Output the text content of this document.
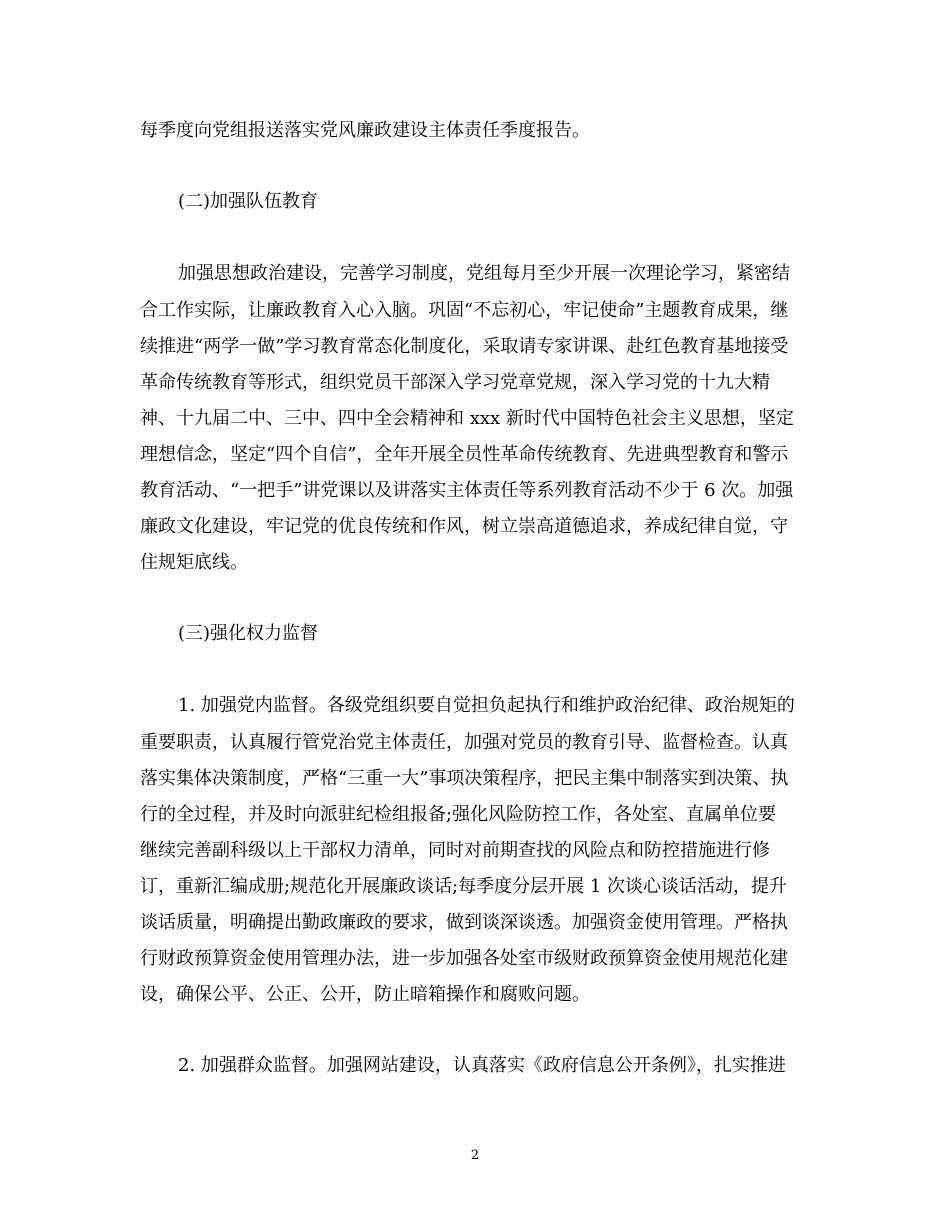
每季度向党组报送落实党风廉政建设主体责任季度报告。
(二)加强队伍教育
加强思想政治建设，完善学习制度，党组每月至少开展一次理论学习，紧密结
合工作实际，让廉政教育入心入脑。巩固“不忘初心，牢记使命”主题教育成果，继
续推进“两学一做”学习教育常态化制度化，采取请专家讲课、赴红色教育基地接受
革命传统教育等形式，组织党员干部深入学习党章党规，深入学习党的十九大精
神、十九届二中、三中、四中全会精神和 xxx 新时代中国特色社会主义思想，坚定
理想信念，坚定“四个自信”，全年开展全员性革命传统教育、先进典型教育和警示
教育活动、“一把手”讲党课以及讲落实主体责任等系列教育活动不少于 6 次。加强
廉政文化建设，牢记党的优良传统和作风，树立崇高道德追求，养成纪律自觉，守
住规矩底线。
(三)强化权力监督
1. 加强党内监督。各级党组织要自觉担负起执行和维护政治纪律、政治规矩的
重要职责，认真履行管党治党主体责任，加强对党员的教育引导、监督检查。认真
落实集体决策制度，严格“三重一大”事项决策程序，把民主集中制落实到决策、执
行的全过程，并及时向派驻纪检组报备;强化风险防控工作，各处室、直属单位要
继续完善副科级以上干部权力清单，同时对前期查找的风险点和防控措施进行修
订，重新汇编成册;规范化开展廉政谈话;每季度分层开展 1 次谈心谈话活动，提升
谈话质量，明确提出勤政廉政的要求，做到谈深谈透。加强资金使用管理。严格执
行财政预算资金使用管理办法，进一步加强各处室市级财政预算资金使用规范化建
设，确保公平、公正、公开，防止暗箱操作和腐败问题。
2. 加强群众监督。加强网站建设，认真落实《政府信息公开条例》，扎实推进
2
